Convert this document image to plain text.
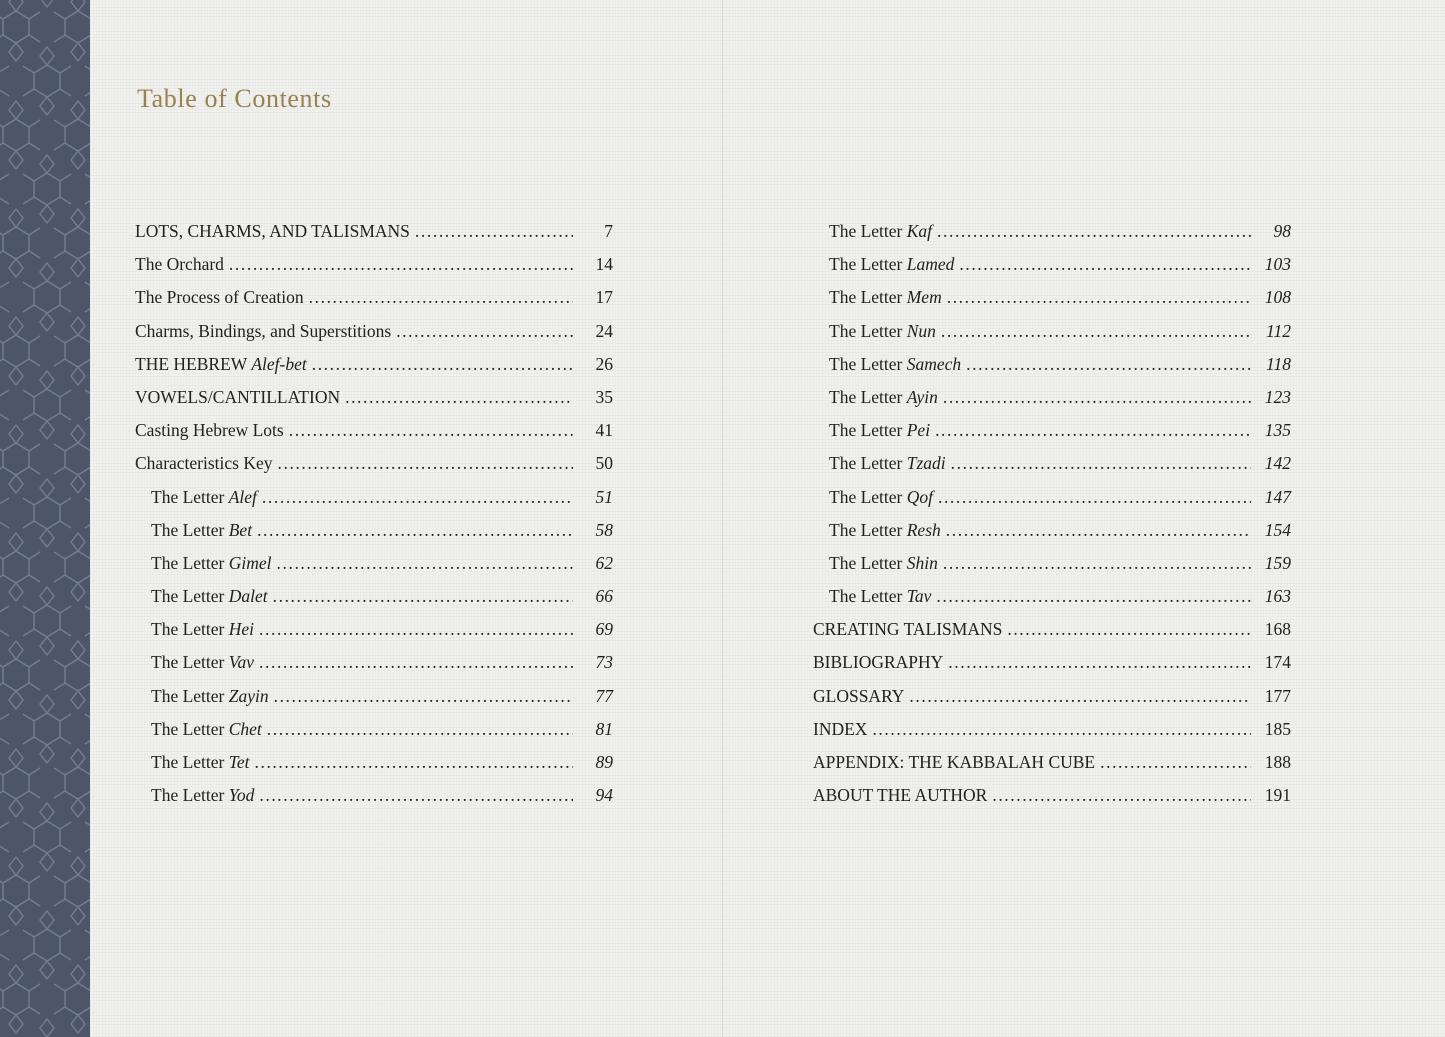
Table of Contents
LOTS, CHARMS, AND TALISMANS .....	7
The Orchard .....	14
The Process of Creation .....	17
Charms, Bindings, and Superstitions .....	24
THE HEBREW Alef-bet .....	26
VOWELS/CANTILLATION .....	35
Casting Hebrew Lots .....	41
Characteristics Key .....	50
The Letter Alef .....	51
The Letter Bet .....	58
The Letter Gimel .....	62
The Letter Dalet .....	66
The Letter Hei .....	69
The Letter Vav .....	73
The Letter Zayin .....	77
The Letter Chet .....	81
The Letter Tet .....	89
The Letter Yod .....	94
The Letter Kaf .....	98
The Letter Lamed .....	103
The Letter Mem .....	108
The Letter Nun .....	112
The Letter Samech .....	118
The Letter Ayin .....	123
The Letter Pei .....	135
The Letter Tzadi .....	142
The Letter Qof .....	147
The Letter Resh .....	154
The Letter Shin .....	159
The Letter Tav .....	163
CREATING TALISMANS .....	168
BIBLIOGRAPHY .....	174
GLOSSARY .....	177
INDEX .....	185
APPENDIX: THE KABBALAH CUBE .....	188
ABOUT THE AUTHOR .....	191
